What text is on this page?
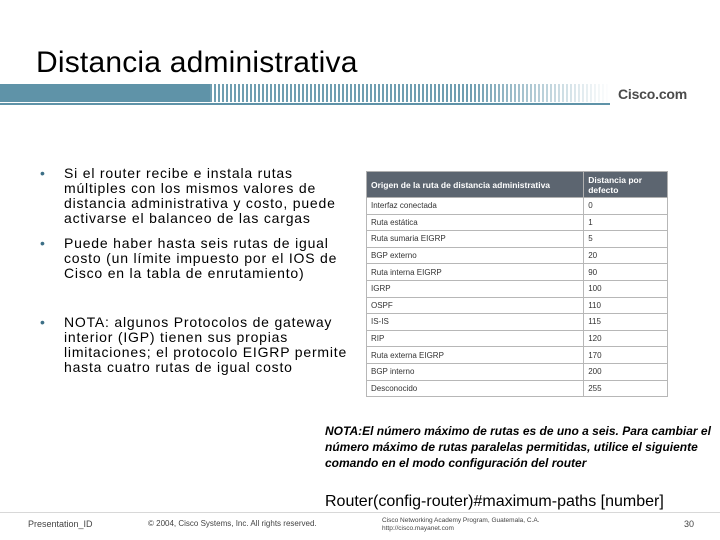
Distancia administrativa
Cisco.com
• Si el router recibe e instala rutas múltiples con los mismos valores de distancia administrativa y costo, puede activarse el balanceo de las cargas
• Puede haber hasta seis rutas de igual costo (un límite impuesto por el IOS de Cisco en la tabla de enrutamiento)
• NOTA: algunos Protocolos de gateway interior (IGP) tienen sus propias limitaciones; el protocolo EIGRP permite hasta cuatro rutas de igual costo
Origen de la ruta de distancia administrativa	Distancia por defecto
Interfaz conectada	0
Ruta estática	1
Ruta sumaria EIGRP	5
BGP externo	20
Ruta interna EIGRP	90
IGRP	100
OSPF	110
IS-IS	115
RIP	120
Ruta externa EIGRP	170
BGP interno	200
Desconocido	255
NOTA:El número máximo de rutas es de uno a seis. Para cambiar el número máximo de rutas paralelas permitidas, utilice el siguiente comando en el modo configuración del router
Router(config-router)#maximum-paths [number]
Presentation_ID	© 2004, Cisco Systems, Inc. All rights reserved.	Cisco Networking Academy Program, Guatemala, C.A.
http://cisco.mayanet.com	30
